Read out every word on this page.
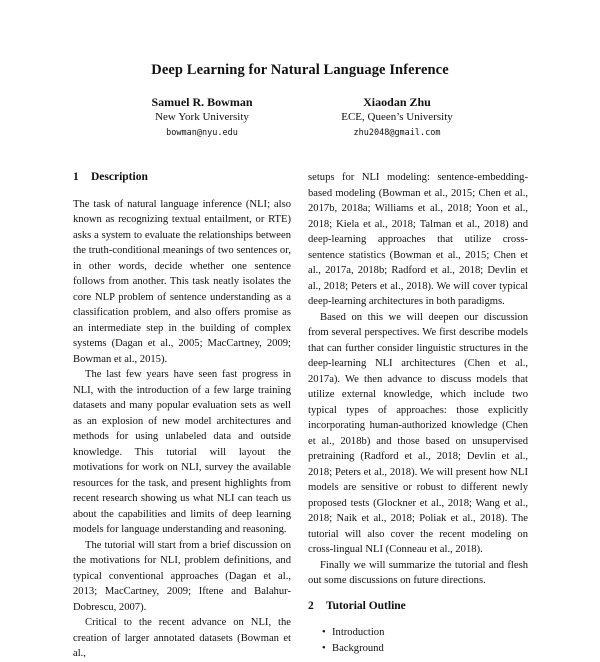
Deep Learning for Natural Language Inference
Samuel R. Bowman
New York University
bowman@nyu.edu
Xiaodan Zhu
ECE, Queen’s University
zhu2048@gmail.com
1 Description

The task of natural language inference (NLI; also known as recognizing textual entailment, or RTE) asks a system to evaluate the relationships between the truth-conditional meanings of two sentences or, in other words, decide whether one sentence follows from another. This task neatly isolates the core NLP problem of sentence understanding as a classification problem, and also offers promise as an intermediate step in the building of complex systems (Dagan et al., 2005; MacCartney, 2009; Bowman et al., 2015).

The last few years have seen fast progress in NLI, with the introduction of a few large training datasets and many popular evaluation sets as well as an explosion of new model architectures and methods for using unlabeled data and outside knowledge. This tutorial will layout the motivations for work on NLI, survey the available resources for the task, and present highlights from recent research showing us what NLI can teach us about the capabilities and limits of deep learning models for language understanding and reasoning.

The tutorial will start from a brief discussion on the motivations for NLI, problem definitions, and typical conventional approaches (Dagan et al., 2013; MacCartney, 2009; Iftene and Balahur-Dobrescu, 2007).

Critical to the recent advance on NLI, the creation of larger annotated datasets (Bowman et al.,

setups for NLI modeling: sentence-embedding-based modeling (Bowman et al., 2015; Chen et al., 2017b, 2018a; Williams et al., 2018; Yoon et al., 2018; Kiela et al., 2018; Talman et al., 2018) and deep-learning approaches that utilize cross-sentence statistics (Bowman et al., 2015; Chen et al., 2017a, 2018b; Radford et al., 2018; Devlin et al., 2018; Peters et al., 2018). We will cover typical deep-learning architectures in both paradigms.

Based on this we will deepen our discussion from several perspectives. We first describe models that can further consider linguistic structures in the deep-learning NLI architectures (Chen et al., 2017a). We then advance to discuss models that utilize external knowledge, which include two typical types of approaches: those explicitly incorporating human-authorized knowledge (Chen et al., 2018b) and those based on unsupervised pretraining (Radford et al., 2018; Devlin et al., 2018; Peters et al., 2018). We will present how NLI models are sensitive or robust to different newly proposed tests (Glockner et al., 2018; Wang et al., 2018; Naik et al., 2018; Poliak et al., 2018). The tutorial will also cover the recent modeling on cross-lingual NLI (Conneau et al., 2018).

Finally we will summarize the tutorial and flesh out some discussions on future directions.

2 Tutorial Outline
• Introduction
• Background
